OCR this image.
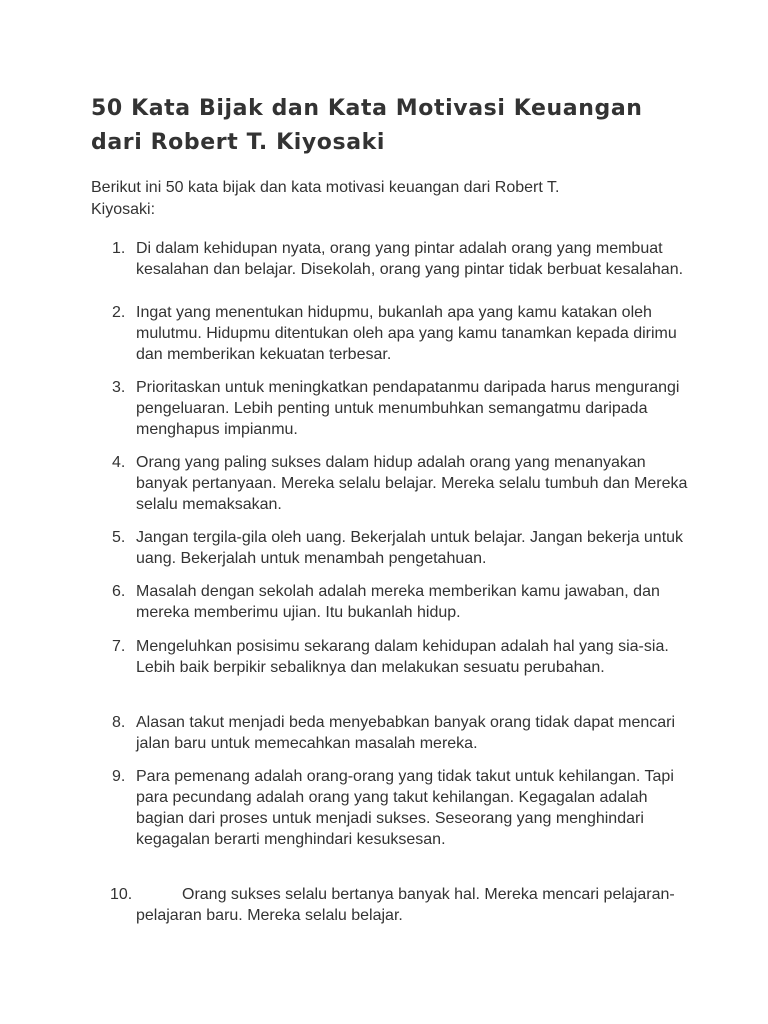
50 Kata Bijak dan Kata Motivasi Keuangan dari Robert T. Kiyosaki

Berikut ini 50 kata bijak dan kata motivasi keuangan dari Robert T. Kiyosaki:

1. Di dalam kehidupan nyata, orang yang pintar adalah orang yang membuat kesalahan dan belajar. Disekolah, orang yang pintar tidak berbuat kesalahan.
2. Ingat yang menentukan hidupmu, bukanlah apa yang kamu katakan oleh mulutmu. Hidupmu ditentukan oleh apa yang kamu tanamkan kepada dirimu dan memberikan kekuatan terbesar.
3. Prioritaskan untuk meningkatkan pendapatanmu daripada harus mengurangi pengeluaran. Lebih penting untuk menumbuhkan semangatmu daripada menghapus impianmu.
4. Orang yang paling sukses dalam hidup adalah orang yang menanyakan banyak pertanyaan. Mereka selalu belajar. Mereka selalu tumbuh dan Mereka selalu memaksakan.
5. Jangan tergila-gila oleh uang. Bekerjalah untuk belajar. Jangan bekerja untuk uang. Bekerjalah untuk menambah pengetahuan.
6. Masalah dengan sekolah adalah mereka memberikan kamu jawaban, dan mereka memberimu ujian. Itu bukanlah hidup.
7. Mengeluhkan posisimu sekarang dalam kehidupan adalah hal yang sia-sia. Lebih baik berpikir sebaliknya dan melakukan sesuatu perubahan.
8. Alasan takut menjadi beda menyebabkan banyak orang tidak dapat mencari jalan baru untuk memecahkan masalah mereka.
9. Para pemenang adalah orang-orang yang tidak takut untuk kehilangan. Tapi para pecundang adalah orang yang takut kehilangan. Kegagalan adalah bagian dari proses untuk menjadi sukses. Seseorang yang menghindari kegagalan berarti menghindari kesuksesan.
10.	Orang sukses selalu bertanya banyak hal. Mereka mencari pelajaran-pelajaran baru. Mereka selalu belajar.
